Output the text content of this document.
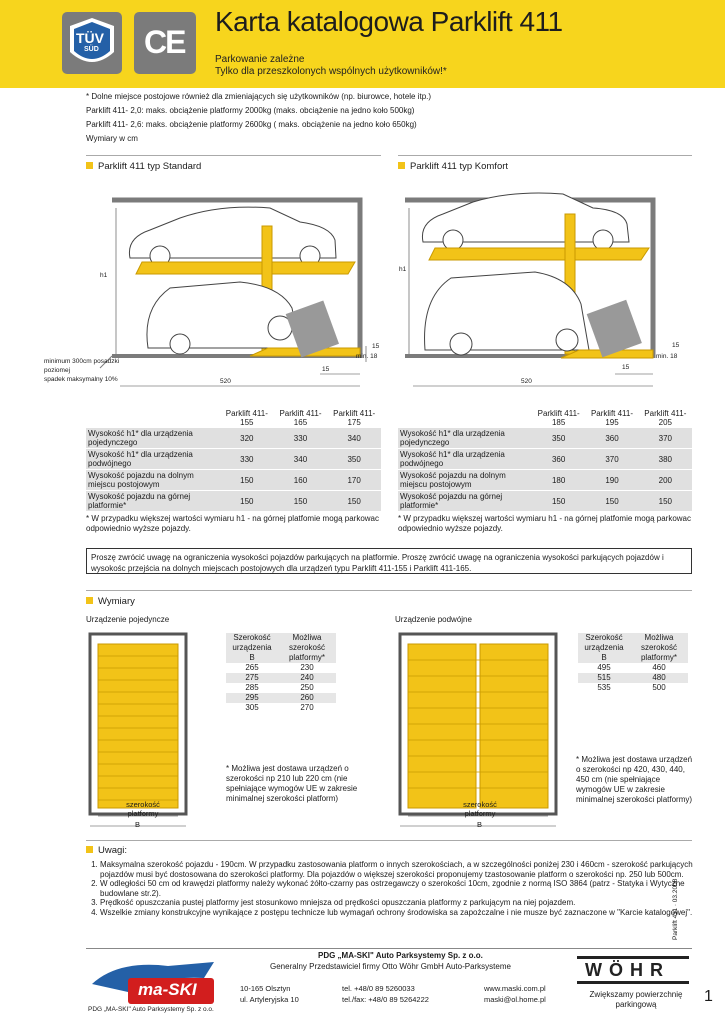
TÜV
SÜD CE
Karta katalogowa Parklift 411
Parkowanie zależne
Tylko dla przeszkolonych wspólnych użytkowników!*
* Dolne miejsce postojowe również dla zmieniających się użytkowników (np. biurowce, hotele itp.)
Parklift 411- 2,0: maks. obciążenie platformy 2000kg (maks. obciążenie na jedno koło 500kg)
Parklift 411- 2,6: maks. obciążenie platformy 2600kg ( maks. obciążenie na jedno koło 650kg)
Wymiary w cm
Parklift 411 typ Standard	Parklift 411 typ Komfort
h1
520
15
15
min. 18
minimum 300cm posadzki
poziomej
spadek maksymalny 10%
h1
520
15
15
min. 18
	Parklift 411-155	Parklift 411-165	Parklift 411-175
Wysokość h1* dla urządzenia pojedynczego	320	330	340
Wysokość h1* dla urządzenia podwójnego	330	340	350
Wysokość pojazdu na dolnym miejscu postojowym	150	160	170
Wysokość pojazdu na górnej platformie*	150	150	150
* W przypadku większej wartości wymiaru h1 - na górnej platfomie mogą parkowac odpowiednio wyższe pojazdy.
	Parklift 411-185	Parklift 411-195	Parklift 411-205
Wysokość h1* dla urządzenia pojedynczego	350	360	370
Wysokość h1* dla urządzenia podwójnego	360	370	380
Wysokość pojazdu na dolnym miejscu postojowym	180	190	200
Wysokość pojazdu na górnej platformie*	150	150	150
* W przypadku większej wartości wymiaru h1 - na górnej platfomie mogą parkowac odpowiednio wyższe pojazdy.
Proszę zwrócić uwagę na ograniczenia wysokości pojazdów parkujących na platformie. Proszę zwrócić uwagę na ograniczenia wysokości parkujących pojazdów i wysokośc przejścia na dolnych miejscach postojowych dla urządzeń typu Parklift 411-155 i Parklift 411-165.
Wymiary
Urządzenie pojedyncze	Urządzenie podwójne
szerokość platformy
B
Szerokość urządzenia B	Możliwa szerokość platformy*
265	230
275	240
285	250
295	260
305	270
* Możliwa jest dostawa urządzeń o szerokości np 210 lub 220 cm (nie spełniające wymogów UE w zakresie minimalnej szerokości platform)
szerokość platformy
B
Szerokość urządzenia B	Możliwa szerokość platformy*
495	460
515	480
535	500
* Możliwa jest dostawa urządzeń o szerokości np 420, 430, 440, 450 cm (nie spełniające wymogów UE w zakresie minimalnej szerokości platformy)
Uwagi:
1. Maksymalna szerokość pojazdu - 190cm. W przypadku zastosowania platform o innych szerokościach, a w szczególności poniżej 230 i 460cm - szerokość parkujących pojazdów musi być dostosowana do szerokości platformy. Dla pojazdów o większej szerokości proponujemy tzastosowanie platform o szerokości np. 250 lub 500cm.
2. W odległości 50 cm od krawędzi platformy należy wykonać żółto-czarny pas ostrzegawczy o szerokości 10cm, zgodnie z normą ISO 3864 (patrz - Statyka i Wytyczne budowlane str.2).
3. Prędkość opuszczania pustej platformy jest stosunkowo mniejsza od prędkości opuszczania platformy z parkującym na niej pojazdem.
4. Wszelkie zmiany konstrukcyjne wynikające z postępu technicze lub wymagań ochrony środowiska sa zapożczalne i nie musze być zaznaczone w "Karcie katalogowej".
ma-SKI
PDG „MA-SKI" Auto Parksystemy Sp. z o.o.
PDG „MA-SKI" Auto Parksystemy Sp. z o.o.
Generalny Przedstawiciel firmy Otto Wöhr GmbH Auto-Parksysteme
10-165 Olsztyn
ul. Artyleryjska 10
tel. +48/0 89 5260033
tel./fax: +48/0 89 5264222
www.maski.com.pl
maski@ol.home.pl
WÖHR
Zwiększamy powierzchnię parkingową
Parklift 411 · 03.2008
1
